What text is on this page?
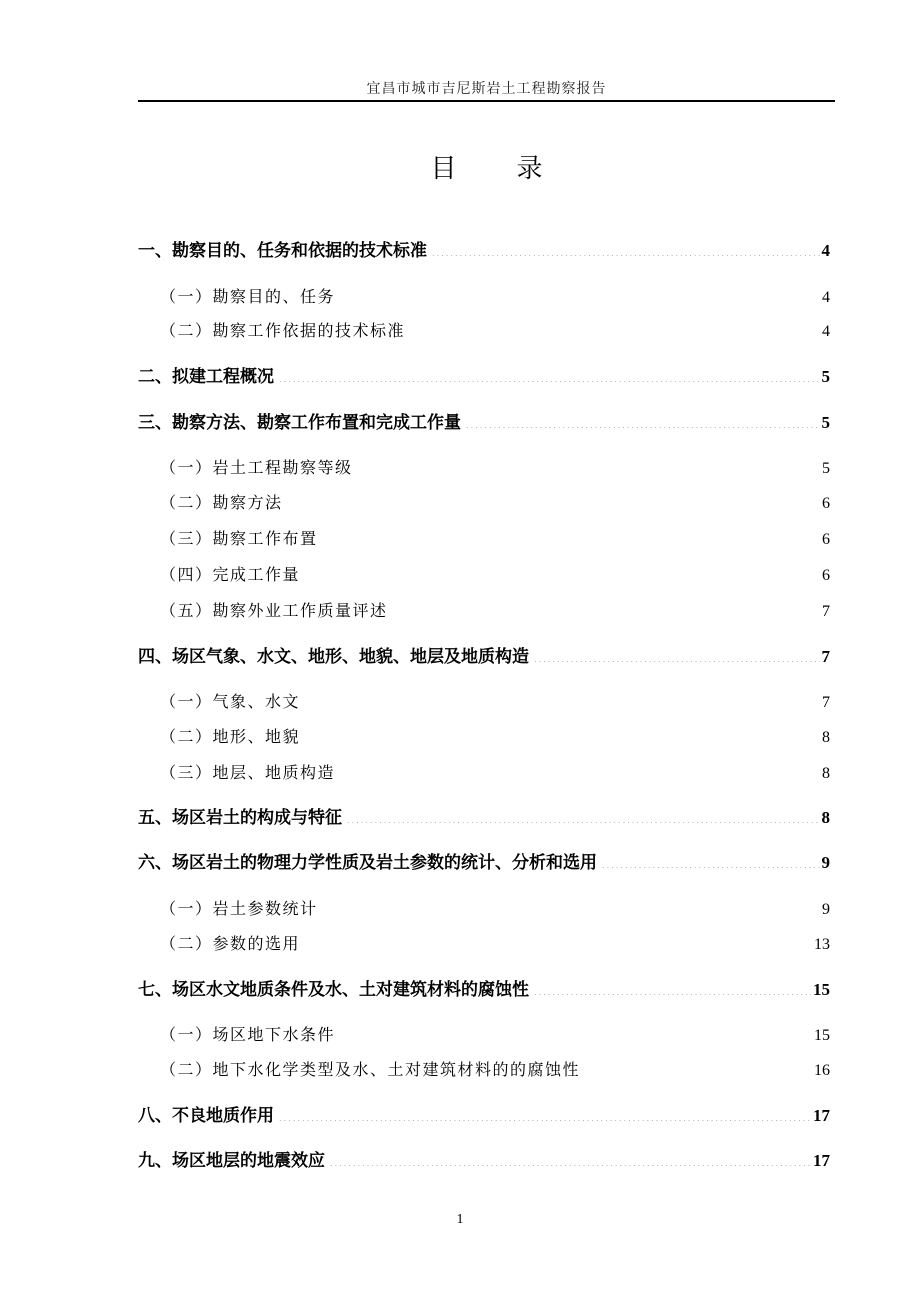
宜昌市城市吉尼斯岩土工程勘察报告
目录
一、勘察目的、任务和依据的技术标准	4
（一）勘察目的、任务	4
（二）勘察工作依据的技术标准	4
二、拟建工程概况	5
三、勘察方法、勘察工作布置和完成工作量	5
（一）岩土工程勘察等级	5
（二）勘察方法	6
（三）勘察工作布置	6
（四）完成工作量	6
（五）勘察外业工作质量评述	7
四、场区气象、水文、地形、地貌、地层及地质构造	7
（一）气象、水文	7
（二）地形、地貌	8
（三）地层、地质构造	8
五、场区岩土的构成与特征	8
六、场区岩土的物理力学性质及岩土参数的统计、分析和选用	9
（一）岩土参数统计	9
（二）参数的选用	13
七、场区水文地质条件及水、土对建筑材料的腐蚀性	15
（一）场区地下水条件	15
（二）地下水化学类型及水、土对建筑材料的的腐蚀性	16
八、不良地质作用	17
九、场区地层的地震效应	17
1
